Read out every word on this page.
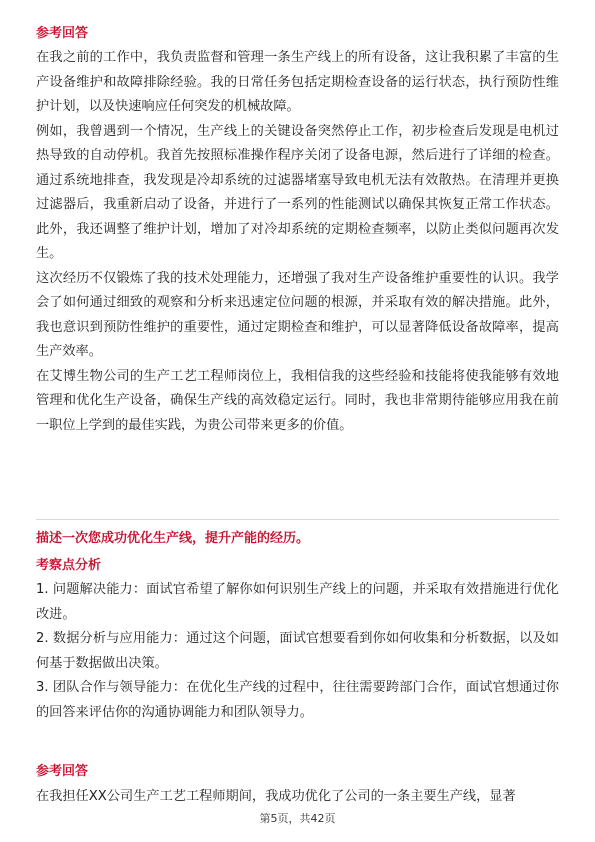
参考回答

在我之前的工作中，我负责监督和管理一条生产线上的所有设备，这让我积累了丰富的生产设备维护和故障排除经验。我的日常任务包括定期检查设备的运行状态，执行预防性维护计划，以及快速响应任何突发的机械故障。

例如，我曾遇到一个情况，生产线上的关键设备突然停止工作，初步检查后发现是电机过热导致的自动停机。我首先按照标准操作程序关闭了设备电源，然后进行了详细的检查。通过系统地排查，我发现是冷却系统的过滤器堵塞导致电机无法有效散热。在清理并更换过滤器后，我重新启动了设备，并进行了一系列的性能测试以确保其恢复正常工作状态。此外，我还调整了维护计划，增加了对冷却系统的定期检查频率，以防止类似问题再次发生。

这次经历不仅锻炼了我的技术处理能力，还增强了我对生产设备维护重要性的认识。我学会了如何通过细致的观察和分析来迅速定位问题的根源，并采取有效的解决措施。此外，我也意识到预防性维护的重要性，通过定期检查和维护，可以显著降低设备故障率，提高生产效率。

在艾博生物公司的生产工艺工程师岗位上，我相信我的这些经验和技能将使我能够有效地管理和优化生产设备，确保生产线的高效稳定运行。同时，我也非常期待能够应用我在前一职位上学到的最佳实践，为贵公司带来更多的价值。

描述一次您成功优化生产线，提升产能的经历。
考察点分析

1. 问题解决能力：面试官希望了解你如何识别生产线上的问题，并采取有效措施进行优化改进。

2. 数据分析与应用能力：通过这个问题，面试官想要看到你如何收集和分析数据，以及如何基于数据做出决策。

3. 团队合作与领导能力：在优化生产线的过程中，往往需要跨部门合作，面试官想通过你的回答来评估你的沟通协调能力和团队领导力。

参考回答

在我担任XX公司生产工艺工程师期间，我成功优化了公司的一条主要生产线，显著

第5页，共42页
